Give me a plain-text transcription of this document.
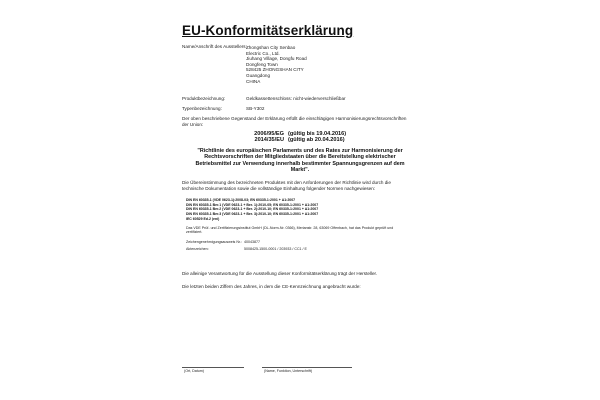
EU-Konformitätserklärung
Name/Anschrift des Ausstellers: Zhongshan City Senbao
Electric Co., Ltd.
Jiuhang Village, Dongfu Road
Dongfeng Town
528425 ZHONGSHAN CITY
Guangdong
CHINA
Produktbezeichnung:	Geldkassettenschloss: nicht-wiederverschließbar
Typenbezeichnung:	SB-Y302
Der oben beschriebene Gegenstand der Erklärung erfüllt die einschlägigen Harmonisierungsrechtsvorschriften
der Union:
2006/95/EG (gültig bis 19.04.2016)
2014/35/EU (gültig ab 20.04.2016)
"Richtlinie des europäischen Parlaments und des Rates zur Harmonisierung der Rechtsvorschriften der Mitgliedstaaten über die Bereitstellung elektrischer Betriebsmittel zur Verwendung innerhalb bestimmter Spannungsgrenzen auf dem Markt".
Die Übereinstimmung des bezeichneten Produktes mit den Anforderungen der Richtlinie wird durch die
technische Dokumentation sowie die vollständige Einhaltung folgender Normen nachgewiesen:
DIN EN 60335-1 (VDE 0623-1):2008-03; EN 60335-1:2001 + A1:2007
DIN EN 60335-1 Ber.1 (VDE 0623-1 + Ber. 1):2010-05; EN 60335-1:2001 + A1:2007
DIN EN 60335-1 Ber.2 (VDE 0623-1 + Ber. 2):2010-10; EN 60335-1:2001 + A1:2007
DIN EN 60335-1 Ber.3 (VDE 0623-1 + Ber. 3):2010-10; EN 60335-1:2001 + A1:2007
IEC 60529 Ed.2 (eni)
Das VDE Prüf- und Zertifizierungsinstitut GmbH (DL-Norm-Nr. 0366), Merianstr. 28, 63069 Offenbach, hat das Produkt geprüft und
zertifiziert.
Zeichengenehmigungsausweis Nr.: 40043877
Aktenzeichen:	5008425-1500-0001 / 203933 / CC1 / E
Die alleinige Verantwortung für die Ausstellung dieser Konformitätserklärung trägt der Hersteller.
Die letzten beiden Ziffern des Jahres, in dem die CE-Kennzeichnung angebracht wurde:
(Ort, Datum)	(Name, Funktion, Unterschrift)
